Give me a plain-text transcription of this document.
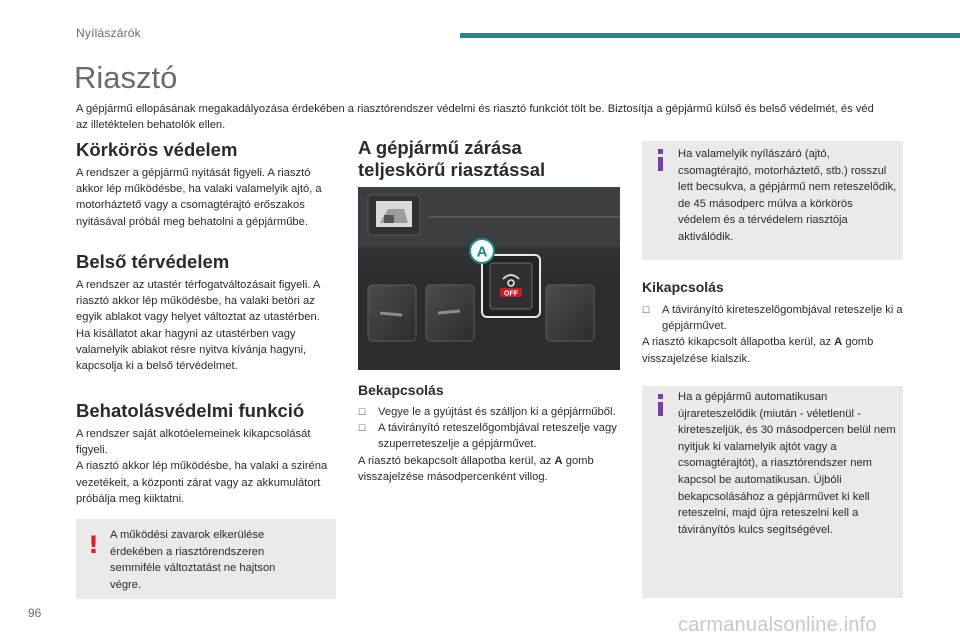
Nyílászárók
Riasztó
A gépjármű ellopásának megakadályozása érdekében a riasztórendszer védelmi és riasztó funkciót tölt be. Biztosítja a gépjármű külső és belső védelmét, és véd az illetéktelen behatolók ellen.
Körkörös védelem
A rendszer a gépjármű nyitását figyeli. A riasztó akkor lép működésbe, ha valaki valamelyik ajtó, a motorháztető vagy a csomagtérajtó erőszakos nyitásával próbál meg behatolni a gépjárműbe.
Belső térvédelem

A rendszer az utastér térfogatváltozásait figyeli. A riasztó akkor lép működésbe, ha valaki betöri az egyik ablakot vagy helyet változtat az utastérben.

Ha kisállatot akar hagyni az utastérben vagy valamelyik ablakot résre nyitva kívánja hagyni, kapcsolja ki a belső térvédelmet.

Behatolásvédelmi funkció

A rendszer saját alkotóelemeinek kikapcsolását figyeli.

A riasztó akkor lép működésbe, ha valaki a szirénа vezetékeit, a központi zárat vagy az akkumulátort próbálja meg kiiktatni.

! A működési zavarok elkerülése érdekében a riasztórendszeren semmiféle változtatást ne hajtson végre.
A gépjármű zárása
teljeskörű riasztással
OFF
A
Bekapcsolás
☐	Vegye le a gyújtást és szálljon ki a gépjárműből.
☐	A távirányító reteszelőgombjával reteszelje vagy szuperreteszelje a gépjárművet.

A riasztó bekapcsolt állapotba kerül, az A gomb visszajelzése másodpercenként villog.

Ha valamelyik nyílászáró (ajtó, csomagtérajtó, motorháztető, stb.) rosszul lett becsukva, a gépjármű nem reteszelődik, de 45 másodperc múlva a körkörös védelem és a térvédelem riasztója aktiválódik.
Kikapcsolás
☐	A távirányító kireteszelőgombjával reteszelje ki a gépjárművet.

A riasztó kikapcsolt állapotba kerül, az A gomb visszajelzése kialszik.

Ha a gépjármű automatikusan újrareteszelődik (miután - véletlenül - kireteszeljük, és 30 másodpercen belül nem nyitjuk ki valamelyik ajtót vagy a csomagtérajtót), a riasztórendszer nem kapcsol be automatikusan. Újbóli bekapcsolásához a gépjárművet ki kell reteszelni, majd újra reteszelni kell a távirányítós kulcs segítségével.
96
carmanualsonline.info
